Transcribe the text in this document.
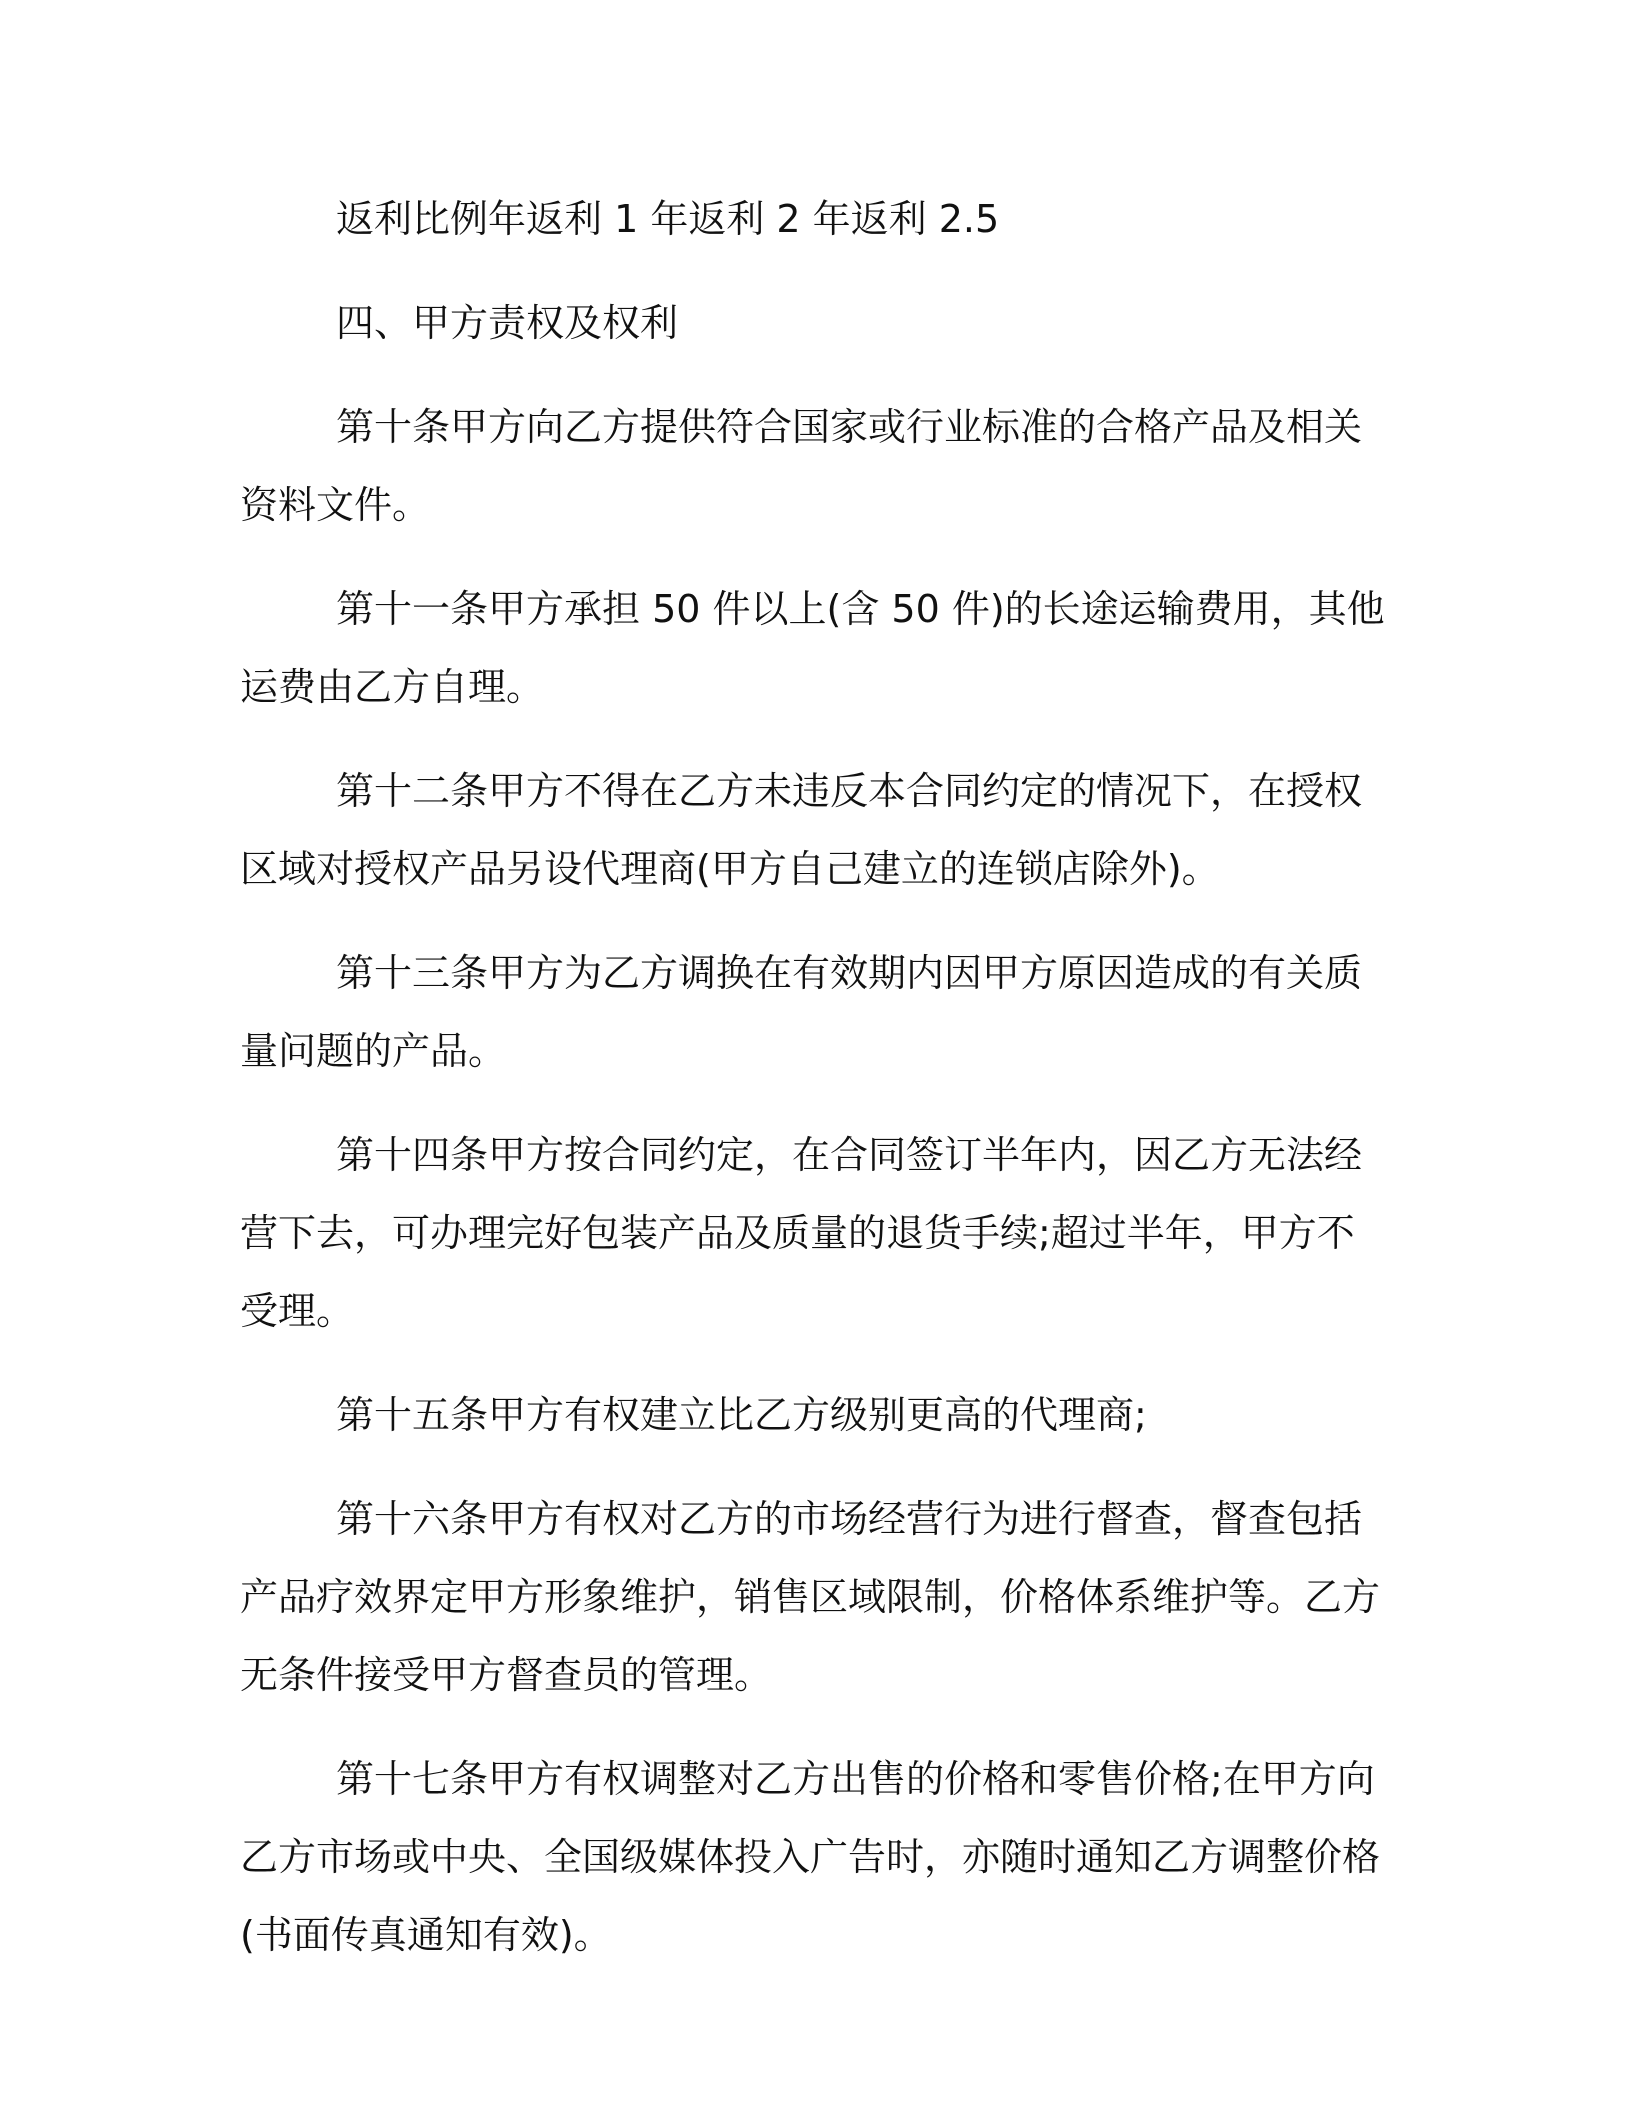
返利比例年返利 1 年返利 2 年返利 2.5

四、甲方责权及权利

第十条甲方向乙方提供符合国家或行业标准的合格产品及相关资料文件。

第十一条甲方承担 50 件以上(含 50 件)的长途运输费用，其他运费由乙方自理。

第十二条甲方不得在乙方未违反本合同约定的情况下，在授权区域对授权产品另设代理商(甲方自己建立的连锁店除外)。

第十三条甲方为乙方调换在有效期内因甲方原因造成的有关质量问题的产品。

第十四条甲方按合同约定，在合同签订半年内，因乙方无法经营下去，可办理完好包装产品及质量的退货手续;超过半年，甲方不受理。

第十五条甲方有权建立比乙方级别更高的代理商;

第十六条甲方有权对乙方的市场经营行为进行督查，督查包括产品疗效界定甲方形象维护，销售区域限制，价格体系维护等。乙方无条件接受甲方督查员的管理。

第十七条甲方有权调整对乙方出售的价格和零售价格;在甲方向乙方市场或中央、全国级媒体投入广告时，亦随时通知乙方调整价格(书面传真通知有效)。
